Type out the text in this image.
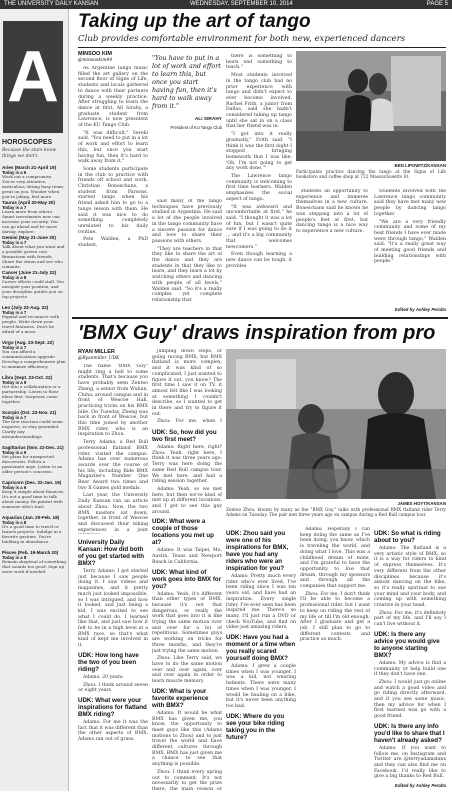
THE UNIVERSITY DAILY KANSAN	WEDNESDAY, SEPTEMBER 10, 2014	PAGE 5
A
HOROSCOPES
Because the stars know things we don't.
Aries (March 21-April 19)
Today is a 6
Work out a compromise. You're very attentive, meticulous, fitting busy items great on you. Wonder when you're joking, feel more
Taurus (April 20-May 20)
Today is a 7
Learn more from others. Smart investments now can increase your security. You can go ahead and be more daring, explore.
Gemini (May 21-June 20)
Today is a 7
Talk about what you want and a possible grown cost. Brainstorm with friends. Share the vision and see who commits.
Cancer (June 21-July 22)
Today is a 8
Career efforts could stall. You navigate your position, and your discipline guides you on top projects.
Leo (July 23-Aug. 22)
Today is a 7
Expand and reconnect with people. Write down your travel fantasies. Don't be afraid of a mess.
Virgo (Aug. 23-Sept. 22)
Today is a 7
You can afford a communications upgrade. Develop a comprehensive plan to minimize efficiency.
Libra (Sept. 23-Oct. 22)
Today is a 9
Get into a collaboration or a partnership. Listen to their ideas first. Surprises come together.
Scorpio (Oct. 23-Nov. 21)
Today is a 7
The first reaction could seem negative, so stay grounded. Clarify any misunderstandings.
Sagittarius (Nov. 22-Dec. 21)
Today is a 9
Set plans for unexpected discoveries. Follow a passionate urge. Listen to an older person's concerns.
Capricorn (Dec. 22-Jan. 19)
Today is a 6
Keep it simple about finances. It's not a good time to talk about money. Be patient with someone who's hurt.
Aquarius (Jan. 20-Feb. 18)
Today is a 8
It's a good time to travel or launch projects. Indulge in a favorite pastime. You're building in abundance.
Pisces (Feb. 19-March 20)
Today is a 8
Remain skeptical of something that sounds too good. Sign up more work if needed.
Taking up the art of tango
Club provides comfortable environment for both new, experienced dancers
MINSOO KIM
@minsookim94

As Argentine tango music filled the art gallery on the second floor of Signs of Life, students and locals gathered to dance with their partners during a weekly practice. After struggling to learn the dance at first, Ali Sirahy, a graduate student from Lawrence, is now president of the KU Tango Club.

"It was difficult," Sereki said. "You need to put in a lot of work and effort to learn this, but once you start having fun, then it's hard to walk away from it."

Some students participate in the club to practice with friends off school and work. Christian Boneschans, a student from Parsons, started tango when his friend asked him to go to a tango lesson with them. He said it was nice to do something completely unrelated to his daily routine.

Pete Walden, a PhD student,

"You have to put in a lot of work and effort to learn this, but once you start having fun, then it's hard to walk away from it."
ALI SIRAHY
President of KU Tango Club

said many of the tango techniques have previously studied in Argentina. He said a lot of the people involved in the tango community have a sincere passion for dance and love to share their passions with others.

"They are teachers in that they like to share the art of the dance and they are students in that they like to learn, and they learn a lot by watching others and dancing with people of all levels," Walden said. "So it's a really complex yet complete relationship that

there is something to learn and something to teach."

Most students involved in the tango club had no prior experience with tango and didn't expect to ever become involved. Rachel Frith, a junior from Dallas, said she hadn't considered taking up tango until she sat in on a class that her friend was in.

"I got into it really gradually," Frith said. "I think it was the first night I stopped bringing homework that I was like, 'Oh, I'm not going to get any work done.'"

The Lawrence tango community is welcoming to first time learners. Walden emphasizes the social aspect of tango.

"It was awkward and uncomfortable at first," he said. "I thought it was a lot of fun, but I wasn't quite sure if I was going to do it ... and it's a big community that welcomes newcomers."

Even though learning a new dance can be tough, it provides

BEN LIPOWITZ/KANSAN
Participants practice dancing the tango at the Signs of Life bookstore and coffee shop at 722 Massachusetts St.

students an opportunity to experience and immerse themselves in a new culture. Boneschans said he knows he was stepping into a lot of people's feet at first, but dancing tango is a nice way to experience a new culture.

Students involved with the Lawrence tango community said they have met many new people by dancing tango together.

"We are a very friendly community and some of my best friends I have ever made were through tango," Walden said. "It's a really great way of meeting good friends and building relationships with people."

Edited by Ashley Peralta
'BMX Guy' draws inspiration from pro
RYAN MILLER
@Ryanmiller_UDK

The name "BMX Guy" might ring a bell to some students. That's because you have probably seen Zenteo Zheng, a senior from Wuhan, China, around campus and in front of Wescoe Hall, practicing tricks on his BMX bike. On Tuesday, Zheng was back in front of Wescoe, but this time joined by another BMX rider, who is an inspiration to Zhou.

Terry Adams, a Red Bull professional flatland BMX rider, visited the campus. Adams has over numerous awards over the course of his life, including Ride BMX Magazine's Number One Rear Award two times and two X Games gold medals.

Last year, the University Daily Kansan ran an article about Zhou. Now, the two BMX masters sat down, together, in front of Wescoe and discussed their biking experiences in a joint

University Daily Kansan: How did both of you get started with BMX?

Terry Adams: I got started just because I saw people doing it. I saw videos and magazines, and it pretty much just looked impossible, so I was intrigued, and how it looked, and just being a kid, I was excited to see what I could do. I learned like that, and just saw how it felt to be in a high level at a BMX race, so that's what kind of kept me involved in it.

UDK: How long have the two of you been riding?

Adams: 20 years.

Zhou: I think around seven or eight years.

UDK: What were your inspirations for flatland BMX riding?

Adams: For me it was the fact that it was different than the other aspects of BMX. Adams ran out of grass.

jumping down steps, or going racing BMX, but BMX flatland is more complex, and it was kind of so complicated, I just wanted to figure it out, you know? The first time I saw it on TV, it almost felt like I was looking at something I couldn't describe, so I wanted to get in there and try to figure it out.

Zhou: For me, when I

UDK: So, how did you two first meet?

Adams: Right here, right? Zhou: Yeah, right here, I think it was three years ago. Terry was here doing the same Red Bull campus tour. We met here, and had a riding session together.

Adams: Yeah, so we met here, but then we've kind of met up at different locations, and I got to see this guy around.

UDK: What were a couple of those locations you met up at?

Adams: It was Taipei, Mo, Austin, Texas and Newport Beach in California.

UDK: What kind of work goes into BMX for you?

Adams: Yeah, it's different than other types of BMX, because it's not that dangerous, or really the work that goes into it is like trying the same motion over and over for a lot of repetitions. Sometimes guys are working on tricks for three months, and they're just trying the same motion.

Zhou: Like Terry said, we have to do the same motion over and over again, over and over again in order to learn muscle memory.

UDK: What is your favorite experience with BMX?

Adams: It would be what BMX has given me, you know, the opportunity to meet guys like this (Adams motions to Zhou) and to just travel the world and have different cultures through BMX. BMX has just given me a chance to see that anything is possible.

Zhou: I think every spring out to comment. It's not necessarily to get the prize there, the main reason or

JAMES HOYT/KANSAN
Zenteo Zhou, known by many as the "BMX Guy," talks with professional BMX flatland rider Terry Adams on Tuesday. The pair met three years ago on campus during a Red Bull campus tour.
UDK: Zhou said you were one of his inspirations for BMX, have you had any riders who were an inspiration for you?

Adams: Pretty much every rider who's ever lived, I've been riding since I was ten years old, and have had an inspiration. Every single rider, I've ever seen has been inspired me. There's so many. I'll just run a DVD or check YouTube, and find on video just amazing riders.

UDK: Have you had a moment or a time when you really scared yourself doing BMX?

Adams: I grew a couple times when I was younger. I was a kid, not wearing helmets. There were many times when I was younger, I would be hauling on a bike, but it's never been anything too bad.

UDK: Where do you see your bike riding taking you in the future?

Adams: Hopefully I can keep doing the same as I've been doing, you know, which is traveling the world, and doing what I love. This was a childhood dream of mine, and I'm grateful to have the opportunity to live that dream, through my sponsors and through all the companies that support me.

Zhou: For me, I don't think I'll be able to become a professional rider, but I want to keep on riding the rest of my life or till I'm old enough. After I graduate and get a job, I still plan to go to different contests and practice as much.

UDK: So what is riding about to you?

Adams: The flatland is a very artistic style of BMX, so it is a way for riders to kind of express themselves. It's very different from the other disciplines because it's almost dancing on the bike, so it's really spiritual to use your mind and your body, and coming up with something creative in your head.

Zhou: For me, it's definitely part of my life, and I'll say I can't live without it.

UDK: Is there any advice you would give to anyone starting BMX?

Adams: My advice is find a community or help build one if they don't have one.

Zhou: I would just go online and watch a good video and go riding directly afterward, and if you see some music, then my advice for when I first learned was go with a good friend.

UDK: Is there any info you'd like to share that I haven't already asked?

Adams: If you want to follow me, on Instagram and Twitter are @terryadamsbmx and they can also find me on Facebook. I'd really like to give a big thanks to Red Bull.

Edited by Ashley Peralta
